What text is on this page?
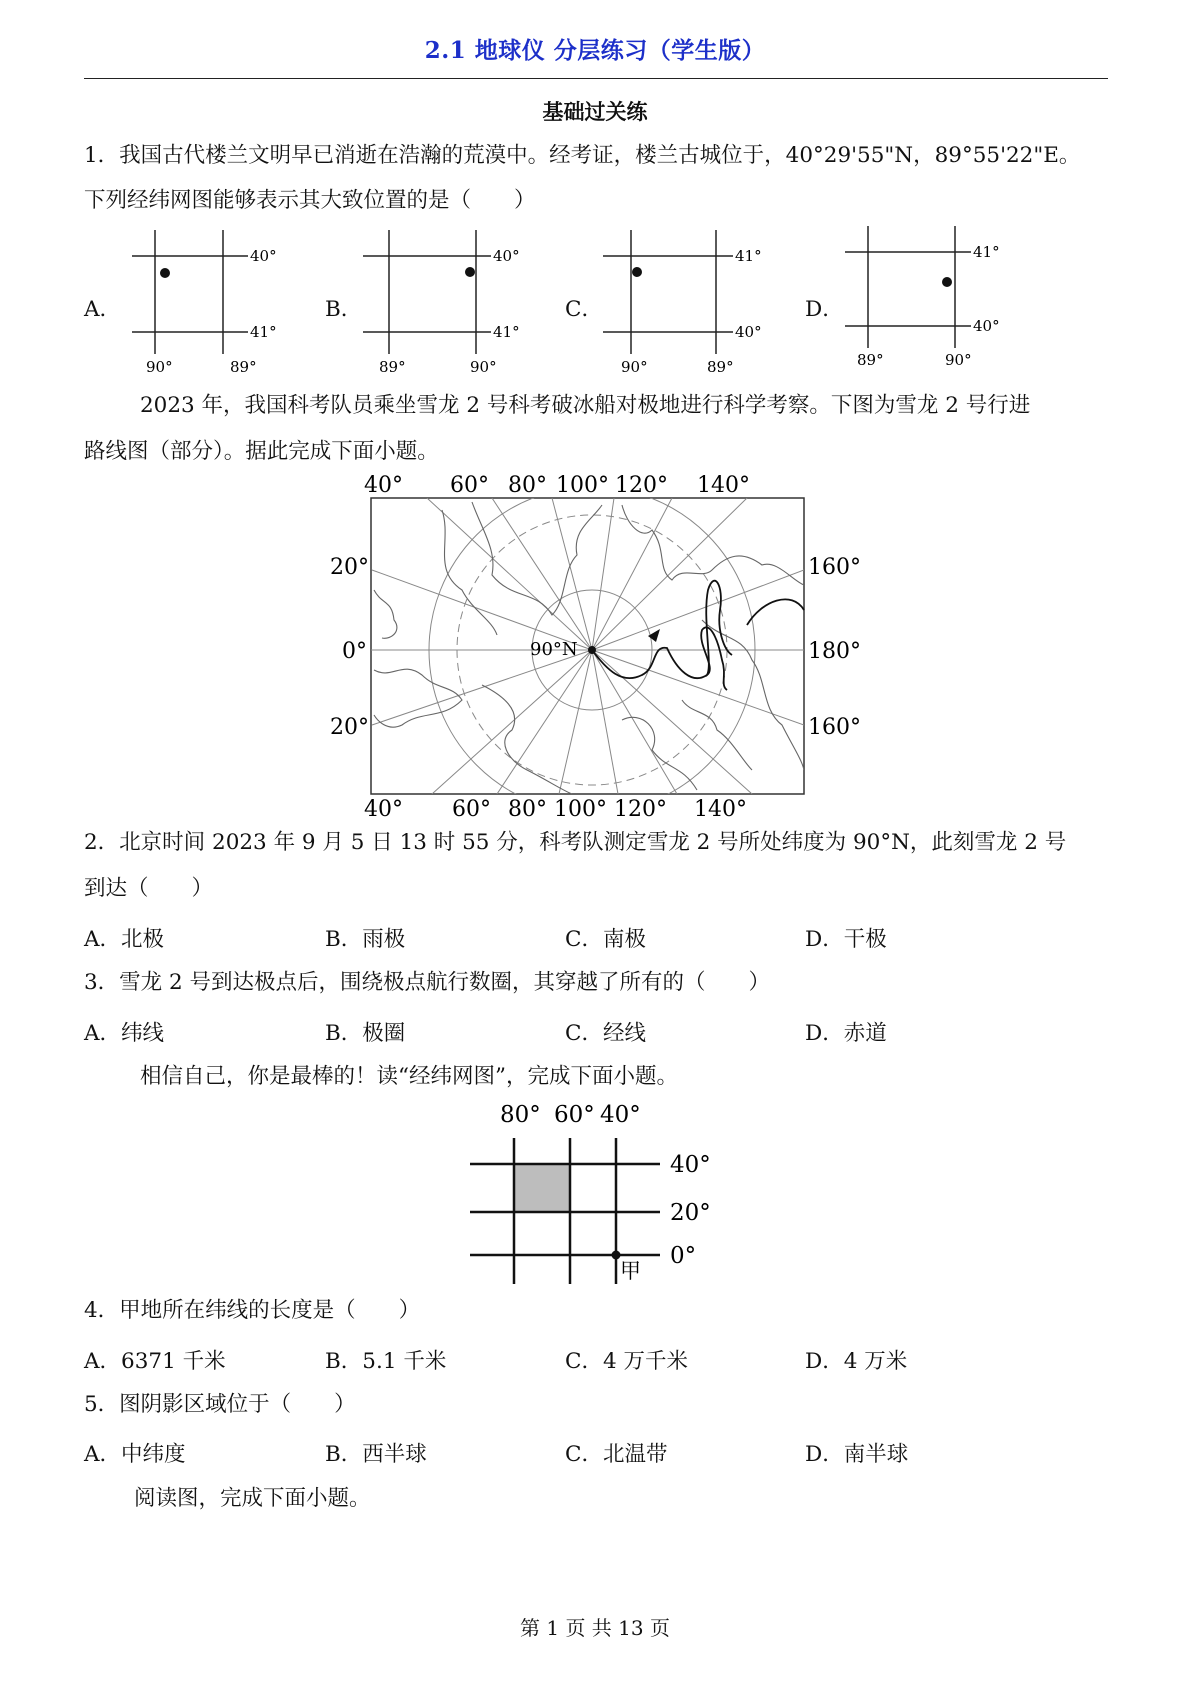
2.1 地球仪 分层练习（学生版）
基础过关练
1．我国古代楼兰文明早已消逝在浩瀚的荒漠中。经考证，楼兰古城位于，40°29'55"N，89°55'22"E。
下列经纬网图能够表示其大致位置的是（　　）
A．
40°
41°
90°	89°
B．
40°
41°
89°	90°
C．
41°
40°
90°	89°
D．
41°
40°
89°	90°
2023 年，我国科考队员乘坐雪龙 2 号科考破冰船对极地进行科学考察。下图为雪龙 2 号行进
路线图（部分）。据此完成下面小题。
90°N
40° 60° 80° 100° 120° 140°
40° 60° 80° 100° 120° 140°
20°
0°
20°
160°
180°
160°
2．北京时间 2023 年 9 月 5 日 13 时 55 分，科考队测定雪龙 2 号所处纬度为 90°N，此刻雪龙 2 号
到达（　　）
A．北极	B．雨极	C．南极	D．干极
3．雪龙 2 号到达极点后，围绕极点航行数圈，其穿越了所有的（　　）
A．纬线	B．极圈	C．经线	D．赤道
相信自己，你是最棒的！读“经纬网图”，完成下面小题。
甲
80° 60° 40°
40°
20°
0°
4．甲地所在纬线的长度是（　　）
A．6371 千米	B．5.1 千米	C．4 万千米	D．4 万米
5．图阴影区域位于（　　）
A．中纬度	B．西半球	C．北温带	D．南半球
阅读图，完成下面小题。
第 1 页 共 13 页
